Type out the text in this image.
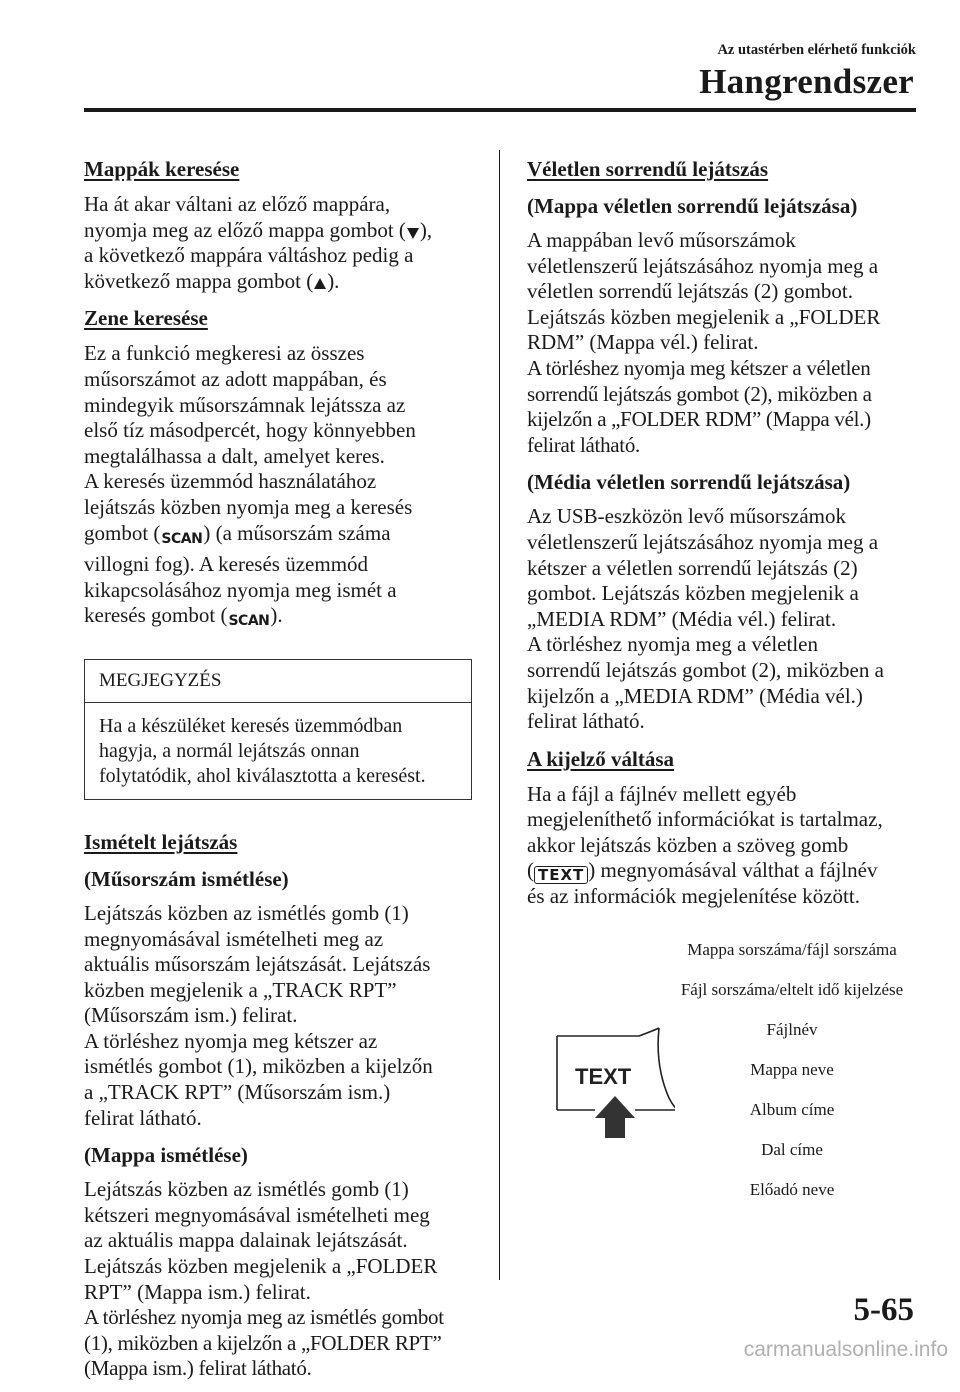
Az utastérben elérhető funkciók
Hangrendszer
Mappák keresése
Ha át akar váltani az előző mappára,
nyomja meg az előző mappa gombot ( ),
a következő mappára váltáshoz pedig a
következő mappa gombot ( ).
Zene keresése
Ez a funkció megkeresi az összes
műsorszámot az adott mappában, és
mindegyik műsorszámnak lejátssza az
első tíz másodpercét, hogy könnyebben
megtalálhassa a dalt, amelyet keres.
A keresés üzemmód használatához
lejátszás közben nyomja meg a keresés
gombot (SCAN) (a műsorszám száma
villogni fog). A keresés üzemmód
kikapcsolásához nyomja meg ismét a
keresés gombot (SCAN).
MEGJEGYZÉS
Ha a készüléket keresés üzemmódban
hagyja, a normál lejátszás onnan
folytatódik, ahol kiválasztotta a keresést.
Ismételt lejátszás
(Műsorszám ismétlése)
Lejátszás közben az ismétlés gomb (1)
megnyomásával ismételheti meg az
aktuális műsorszám lejátszását. Lejátszás
közben megjelenik a „TRACK RPT”
(Műsorszám ism.) felirat.
A törléshez nyomja meg kétszer az
ismétlés gombot (1), miközben a kijelzőn
a „TRACK RPT” (Műsorszám ism.)
felirat látható.
(Mappa ismétlése)
Lejátszás közben az ismétlés gomb (1)
kétszeri megnyomásával ismételheti meg
az aktuális mappa dalainak lejátszását.
Lejátszás közben megjelenik a „FOLDER
RPT” (Mappa ism.) felirat.
A törléshez nyomja meg az ismétlés gombot
(1), miközben a kijelzőn a „FOLDER RPT”
(Mappa ism.) felirat látható.
Véletlen sorrendű lejátszás
(Mappa véletlen sorrendű lejátszása)
A mappában levő műsorszámok
véletlenszerű lejátszásához nyomja meg a
véletlen sorrendű lejátszás (2) gombot.
Lejátszás közben megjelenik a „FOLDER
RDM” (Mappa vél.) felirat.
A törléshez nyomja meg kétszer a véletlen
sorrendű lejátszás gombot (2), miközben a
kijelzőn a „FOLDER RDM” (Mappa vél.)
felirat látható.
(Média véletlen sorrendű lejátszása)
Az USB-eszközön levő műsorszámok
véletlenszerű lejátszásához nyomja meg a
kétszer a véletlen sorrendű lejátszás (2)
gombot. Lejátszás közben megjelenik a
„MEDIA RDM” (Média vél.) felirat.
A törléshez nyomja meg a véletlen
sorrendű lejátszás gombot (2), miközben a
kijelzőn a „MEDIA RDM” (Média vél.)
felirat látható.
A kijelző váltása
Ha a fájl a fájlnév mellett egyéb
megjeleníthető információkat is tartalmaz,
akkor lejátszás közben a szöveg gomb
( TEXT ) megnyomásával válthat a fájlnév
és az információk megjelenítése között.
TEXT
Mappa sorszáma/fájl sorszáma
Fájl sorszáma/eltelt idő kijelzése
Fájlnév
Mappa neve
Album címe
Dal címe
Előadó neve
5-65
carmanualsonline.info
